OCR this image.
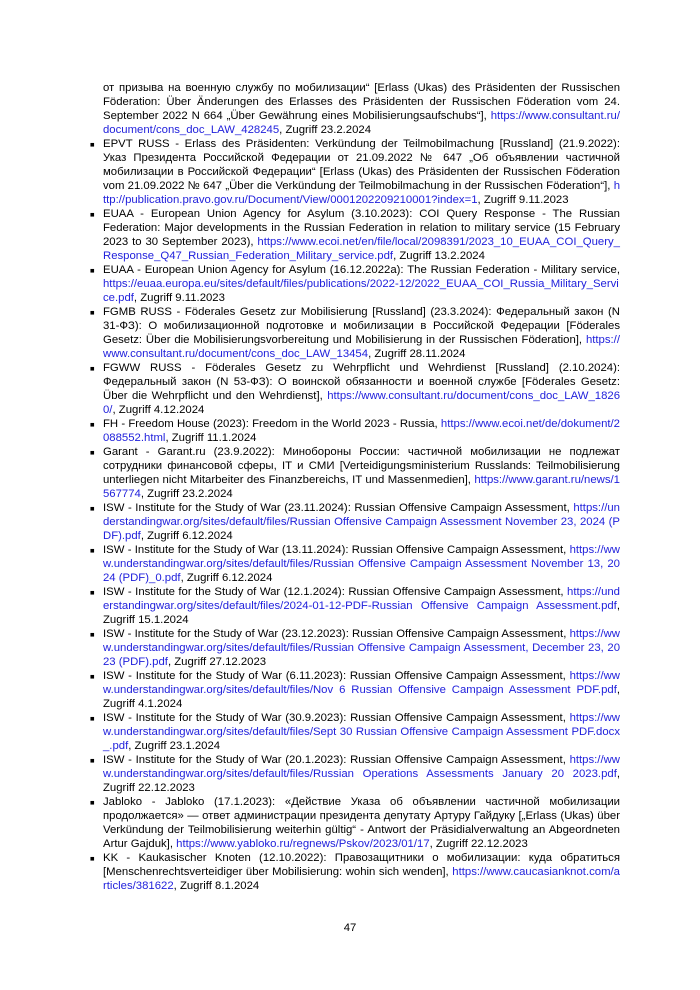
от призыва на военную службу по мобилизации“ [Erlass (Ukas) des Präsidenten der Russischen Föderation: Über Änderungen des Erlasses des Präsidenten der Russischen Föderation vom 24. September 2022 N 664 „Über Gewährung eines Mobilisierungsaufschubs“], https://www.consultant.ru/document/cons_doc_LAW_428245, Zugriff 23.2.2024
■ EPVT RUSS - Erlass des Präsidenten: Verkündung der Teilmobilmachung [Russland] (21.9.2022): Указ Президента Российской Федерации от 21.09.2022 № 647 „Об объявлении частичной мобилизации в Российской Федерации“ [Erlass (Ukas) des Präsidenten der Russischen Föderation vom 21.09.2022 № 647 „Über die Verkündung der Teilmobilmachung in der Russischen Föderation“], http://publication.pravo.gov.ru/Document/View/0001202209210001?index=1, Zugriff 9.11.2023
■ EUAA - European Union Agency for Asylum (3.10.2023): COI Query Response - The Russian Federation: Major developments in the Russian Federation in relation to military service (15 February 2023 to 30 September 2023), https://www.ecoi.net/en/file/local/2098391/2023_10_EUAA_COI_Query_Response_Q47_Russian_Federation_Military_service.pdf, Zugriff 13.2.2024
■ EUAA - European Union Agency for Asylum (16.12.2022a): The Russian Federation - Military service, https://euaa.europa.eu/sites/default/files/publications/2022-12/2022_EUAA_COI_Russia_Military_Service.pdf, Zugriff 9.11.2023
■ FGMB RUSS - Föderales Gesetz zur Mobilisierung [Russland] (23.3.2024): Федеральный закон (N 31-ФЗ): О мобилизационной подготовке и мобилизации в Российской Федерации [Föderales Gesetz: Über die Mobilisierungsvorbereitung und Mobilisierung in der Russischen Föderation], https://www.consultant.ru/document/cons_doc_LAW_13454, Zugriff 28.11.2024
■ FGWW RUSS - Föderales Gesetz zu Wehrpflicht und Wehrdienst [Russland] (2.10.2024): Федеральный закон (N 53-ФЗ): О воинской обязанности и военной службе [Föderales Gesetz: Über die Wehrpflicht und den Wehrdienst], https://www.consultant.ru/document/cons_doc_LAW_18260/, Zugriff 4.12.2024
■ FH - Freedom House (2023): Freedom in the World 2023 - Russia, https://www.ecoi.net/de/dokument/2088552.html, Zugriff 11.1.2024
■ Garant - Garant.ru (23.9.2022): Минобороны России: частичной мобилизации не подлежат сотрудники финансовой сферы, IT и СМИ [Verteidigungsministerium Russlands: Teilmobilisierung unterliegen nicht Mitarbeiter des Finanzbereichs, IT und Massenmedien], https://www.garant.ru/news/1567774, Zugriff 23.2.2024
■ ISW - Institute for the Study of War (23.11.2024): Russian Offensive Campaign Assessment, https://understandingwar.org/sites/default/files/Russian Offensive Campaign Assessment November 23, 2024 (PDF).pdf, Zugriff 6.12.2024
■ ISW - Institute for the Study of War (13.11.2024): Russian Offensive Campaign Assessment, https://www.understandingwar.org/sites/default/files/Russian Offensive Campaign Assessment November 13, 2024 (PDF)_0.pdf, Zugriff 6.12.2024
■ ISW - Institute for the Study of War (12.1.2024): Russian Offensive Campaign Assessment, https://understandingwar.org/sites/default/files/2024-01-12-PDF-Russian Offensive Campaign Assessment.pdf, Zugriff 15.1.2024
■ ISW - Institute for the Study of War (23.12.2023): Russian Offensive Campaign Assessment, https://www.understandingwar.org/sites/default/files/Russian Offensive Campaign Assessment, December 23, 2023 (PDF).pdf, Zugriff 27.12.2023
■ ISW - Institute for the Study of War (6.11.2023): Russian Offensive Campaign Assessment, https://www.understandingwar.org/sites/default/files/Nov 6 Russian Offensive Campaign Assessment PDF.pdf, Zugriff 4.1.2024
■ ISW - Institute for the Study of War (30.9.2023): Russian Offensive Campaign Assessment, https://www.understandingwar.org/sites/default/files/Sept 30 Russian Offensive Campaign Assessment PDF.docx_.pdf, Zugriff 23.1.2024
■ ISW - Institute for the Study of War (20.1.2023): Russian Offensive Campaign Assessment, https://www.understandingwar.org/sites/default/files/Russian Operations Assessments January 20 2023.pdf, Zugriff 22.12.2023
■ Jabloko - Jabloko (17.1.2023): «Действие Указа об объявлении частичной мобилизации продолжается» — ответ администрации президента депутату Артуру Гайдуку [„Erlass (Ukas) über Verkündung der Teilmobilisierung weiterhin gültig“ - Antwort der Präsidialverwaltung an Abgeordneten Artur Gajduk], https://www.yabloko.ru/regnews/Pskov/2023/01/17, Zugriff 22.12.2023
■ KK - Kaukasischer Knoten (12.10.2022): Правозащитники о мобилизации: куда обратиться [Menschenrechtsverteidiger über Mobilisierung: wohin sich wenden], https://www.caucasianknot.com/articles/381622, Zugriff 8.1.2024
47
